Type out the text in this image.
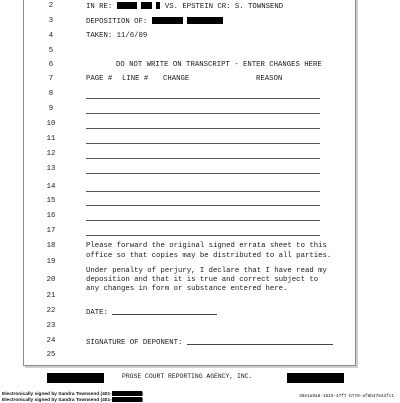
2	IN RE:	VS. EPSTEIN CR: S. TOWNSEND
3	DEPOSITION OF:
4	TAKEN: 11/6/09
5
6	DO NOT WRITE ON TRANSCRIPT - ENTER CHANGES HERE
7	PAGE # LINE # CHANGE	REASON
8
9
10
11
12
13
14
15
16
17
18	Please forward the original signed errata sheet to this
office so that copies may be distributed to all parties.
19
Under penalty of perjury, I declare that I have read my
20	deposition and that it is true and correct subject to
any changes in form or substance entered here.
21
22	DATE:
23
24	SIGNATURE OF DEPONENT:
25
PROSE COURT REPORTING AGENCY, INC.
Electronically signed by Sandra Townsend (401-	)
Electronically signed by Sandra Townsend (401-	)
38e1a9a8-1815-47f7-b778-af6b47843fc1
